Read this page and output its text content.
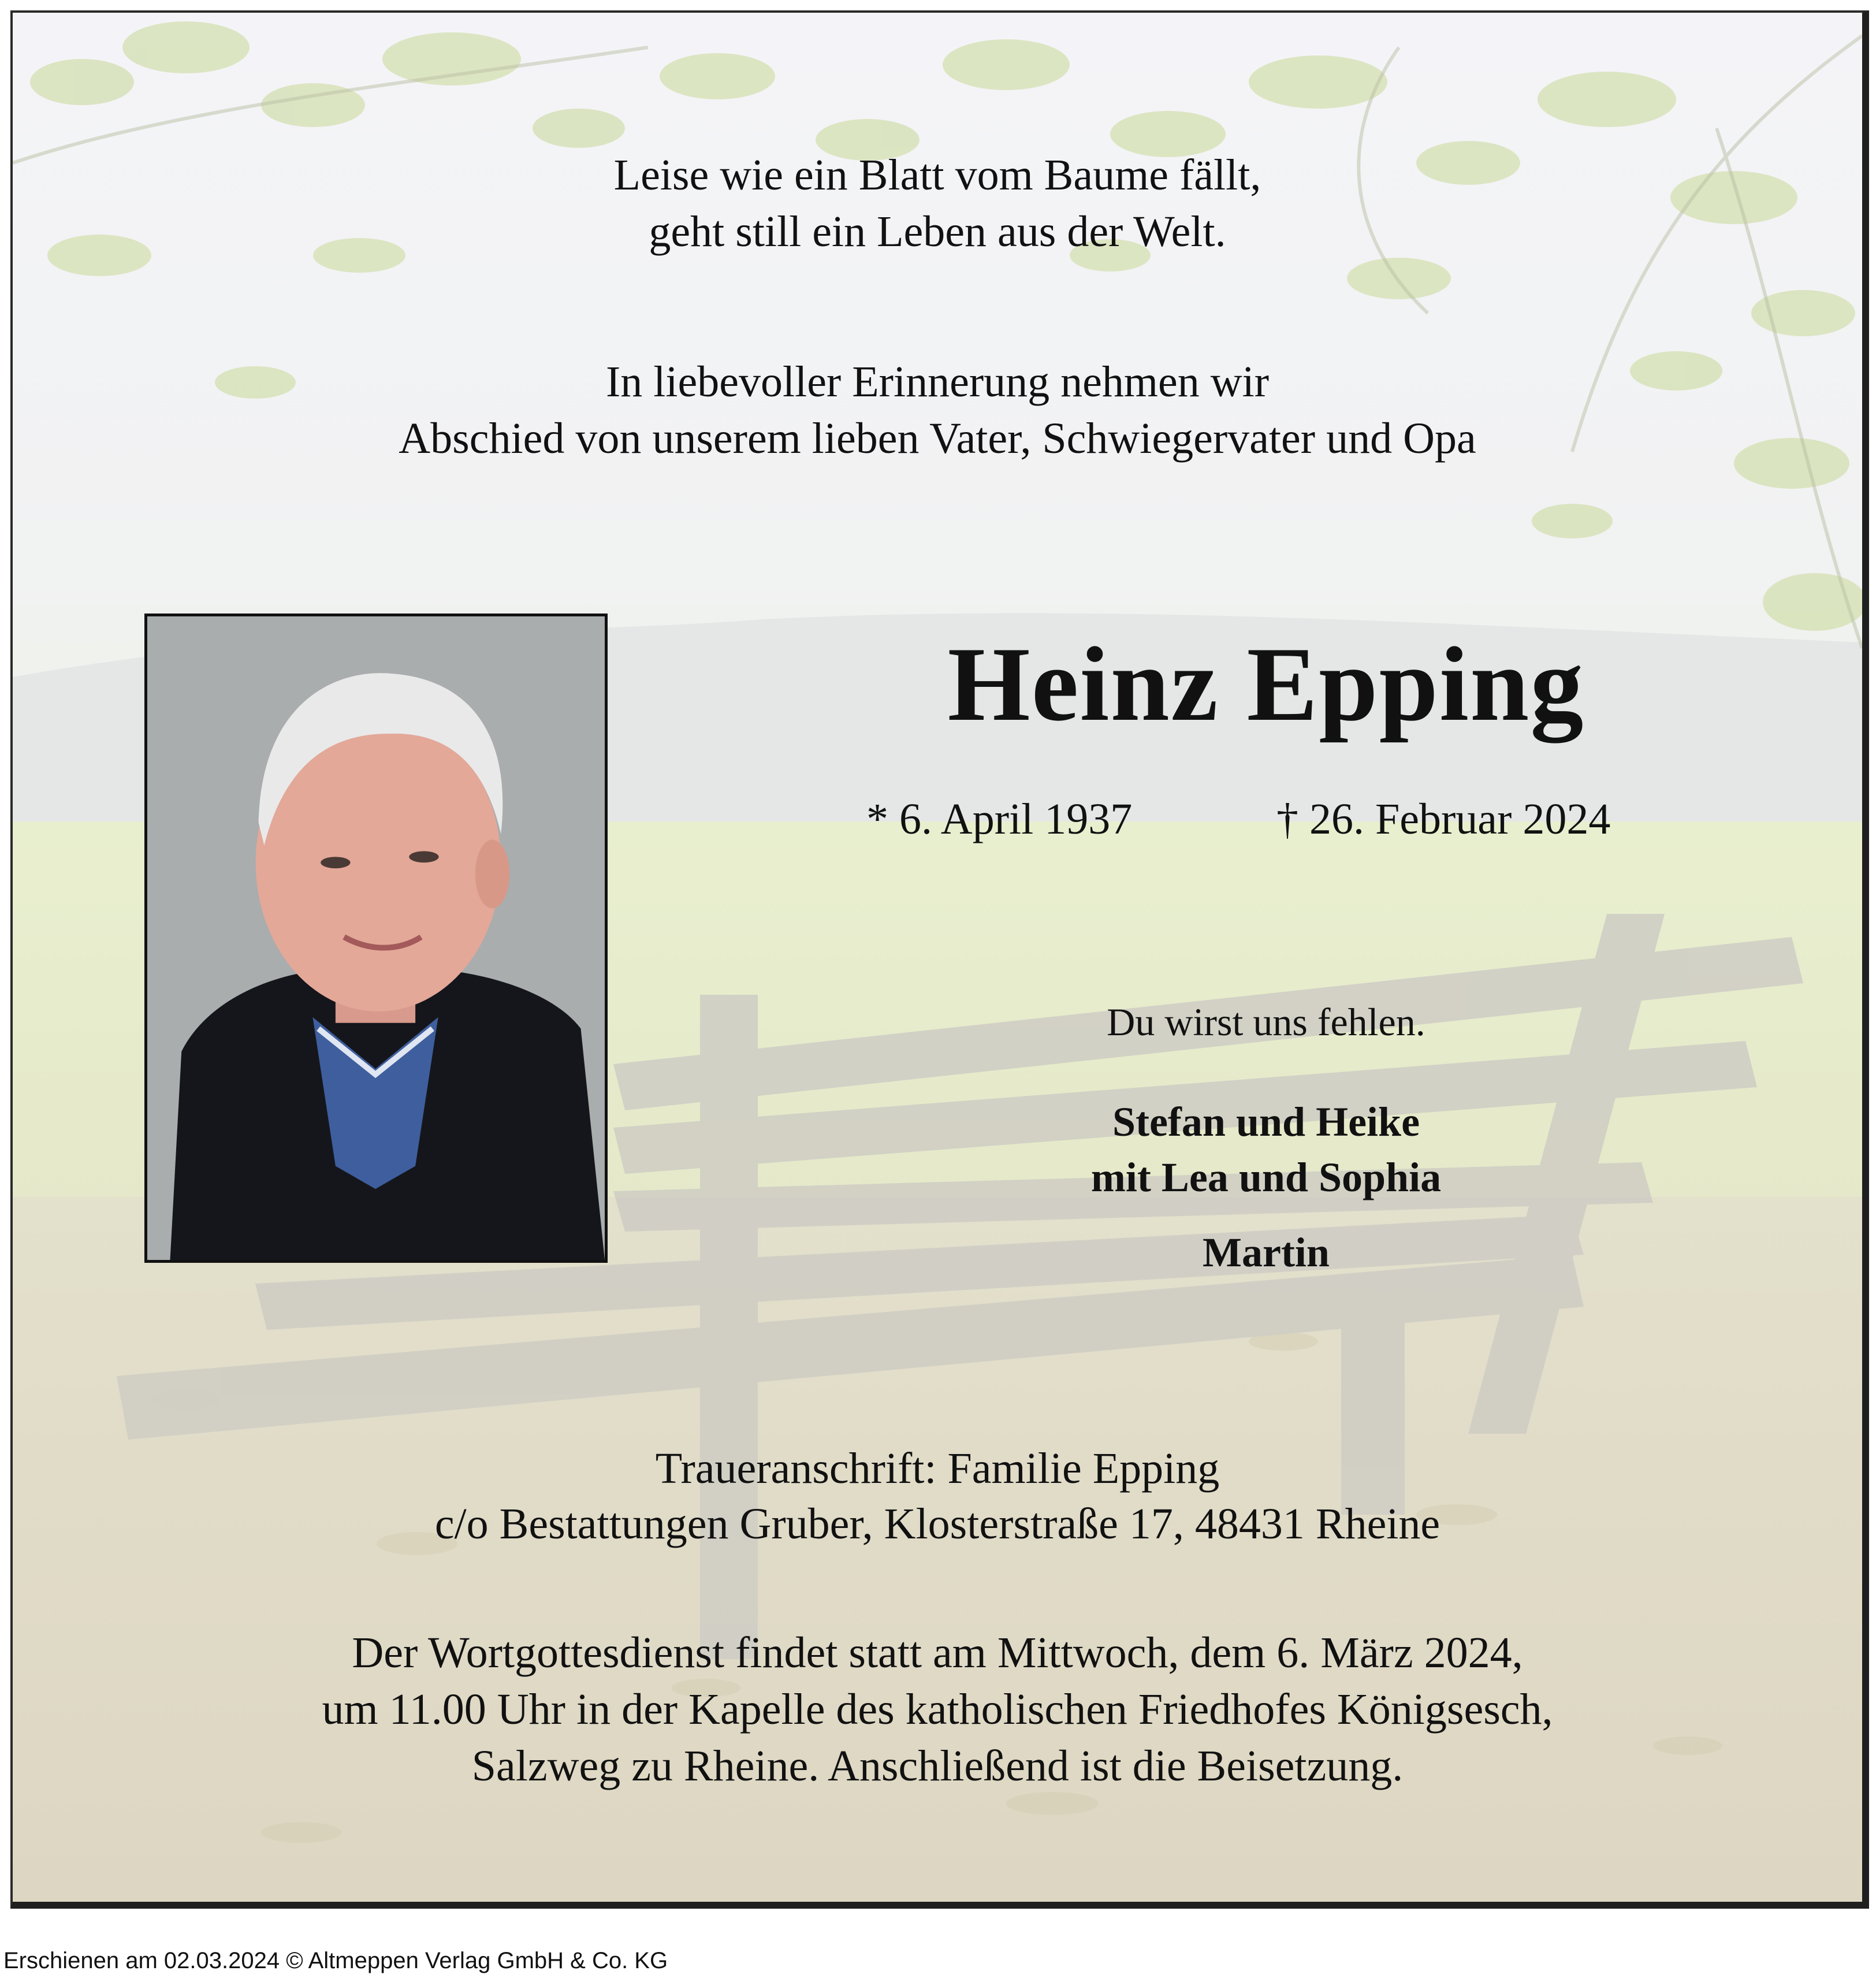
Leise wie ein Blatt vom Baume fällt,
geht still ein Leben aus der Welt.
In liebevoller Erinnerung nehmen wir
Abschied von unserem lieben Vater, Schwiegervater und Opa
Heinz Epping
* 6. April 1937	† 26. Februar 2024
Du wirst uns fehlen.
Stefan und Heike
mit Lea und Sophia
Martin
Traueranschrift: Familie Epping
c/o Bestattungen Gruber, Klosterstraße 17, 48431 Rheine
Der Wortgottesdienst findet statt am Mittwoch, dem 6. März 2024,
um 11.00 Uhr in der Kapelle des katholischen Friedhofes Königsesch,
Salzweg zu Rheine. Anschließend ist die Beisetzung.
Erschienen am 02.03.2024 © Altmeppen Verlag GmbH & Co. KG
